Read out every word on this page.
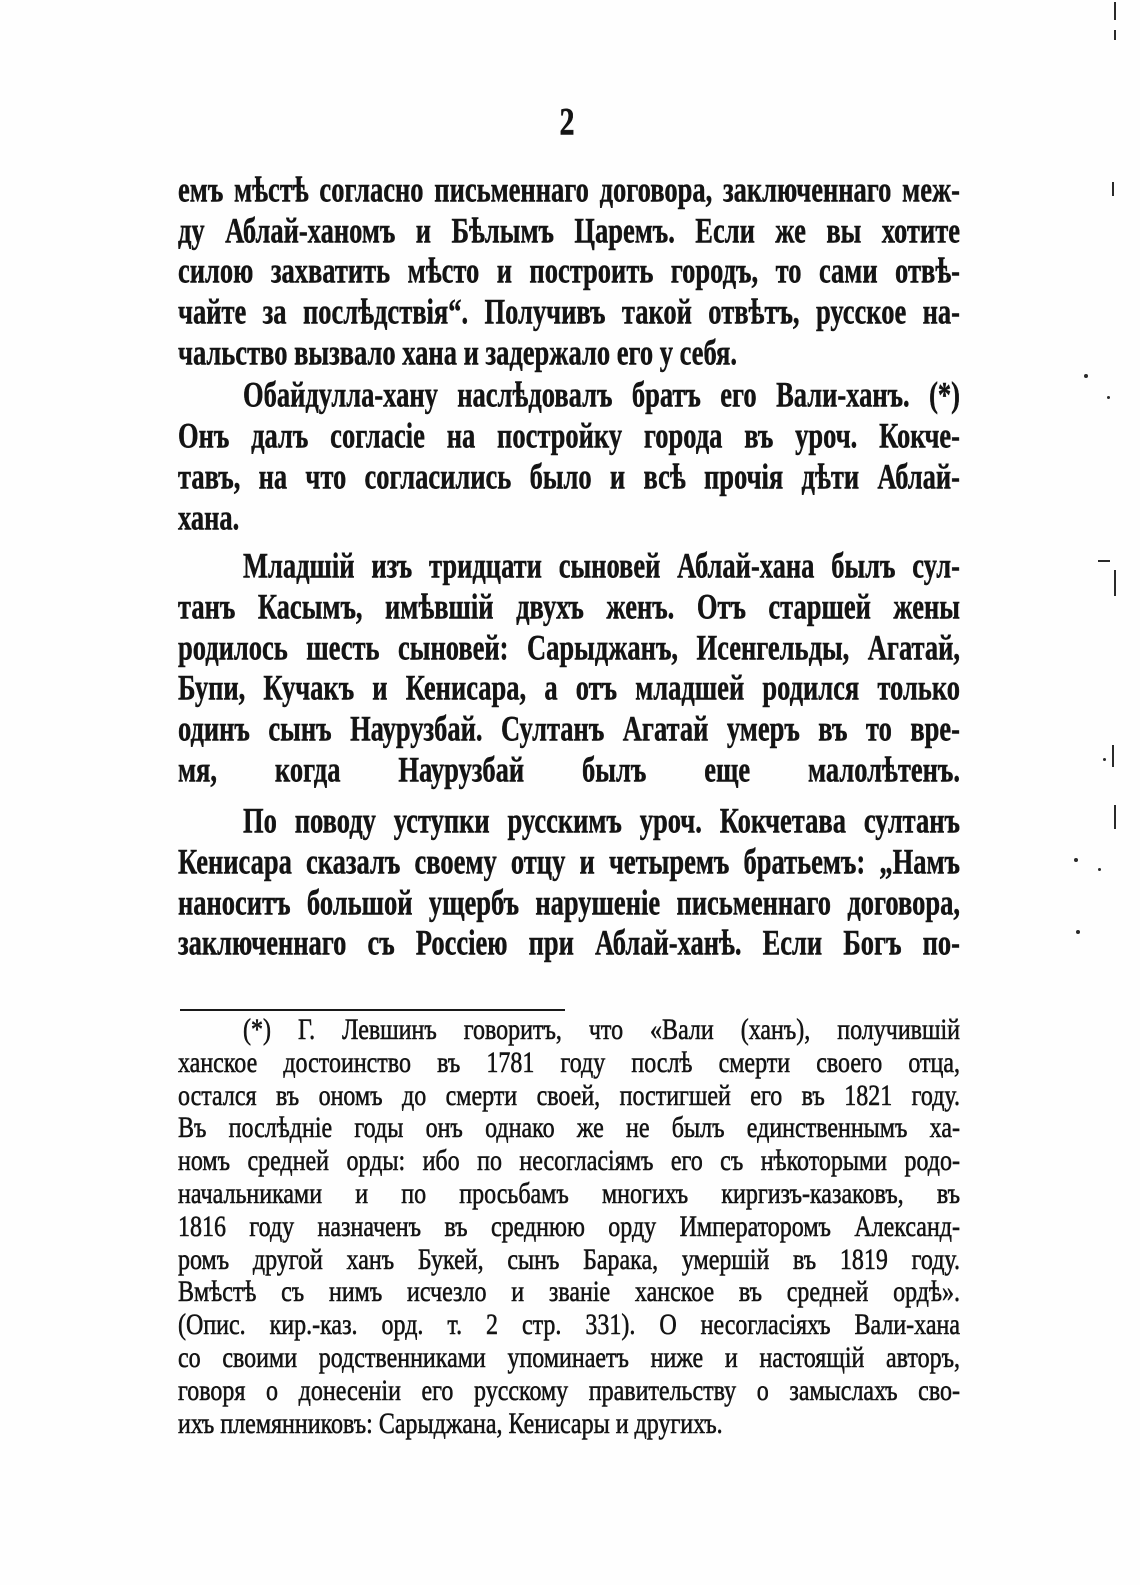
2
емъ мѣстѣ согласно письменнаго договора, заключеннаго меж-
ду Аблай-ханомъ и Бѣлымъ Царемъ. Если же вы хотите
силою захватить мѣсто и построить городъ, то сами отвѣ-
чайте за послѣдствія“. Получивъ такой отвѣтъ, русское на-
чальство вызвало хана и задержало его у себя.
Обайдулла-хану наслѣдовалъ братъ его Вали-ханъ. (*)
Онъ далъ согласіе на постройку города въ уроч. Кокче-
тавъ, на что согласились было и всѣ прочія дѣти Аблай-
хана.
Младшій изъ тридцати сыновей Аблай-хана былъ сул-
танъ Касымъ, имѣвшій двухъ женъ. Отъ старшей жены
родилось шесть сыновей: Сарыджанъ, Исенгельды, Агатай,
Бупи, Кучакъ и Кенисара, а отъ младшей родился только
одинъ сынъ Наурузбай. Султанъ Агатай умеръ въ то вре-
мя, когда Наурузбай былъ еще малолѣтенъ.
По поводу уступки русскимъ уроч. Кокчетава султанъ
Кенисара сказалъ своему отцу и четыремъ братьемъ: „Намъ
наноситъ большой ущербъ нарушеніе письменнаго договора,
заключеннаго съ Россіею при Аблай-ханѣ. Если Богъ по-
(*) Г. Левшинъ говоритъ, что «Вали (ханъ), получившій
ханское достоинство въ 1781 году послѣ смерти своего отца,
остался въ ономъ до смерти своей, постигшей его въ 1821 году.
Въ послѣдніе годы онъ однако же не былъ единственнымъ ха-
номъ средней орды: ибо по несогласіямъ его съ нѣкоторыми родо-
начальниками и по просьбамъ многихъ киргизъ-казаковъ, въ
1816 году назначенъ въ среднюю орду Императоромъ Александ-
ромъ другой ханъ Букей, сынъ Барака, умершій въ 1819 году.
Вмѣстѣ съ нимъ исчезло и званіе ханское въ средней ордѣ».
(Опис. кир.-каз. орд. т. 2 стр. 331). О несогласіяхъ Вали-хана
со своими родственниками упоминаетъ ниже и настоящій авторъ,
говоря о донесеніи его русскому правительству о замыслахъ сво-
ихъ племянниковъ: Сарыджана, Кенисары и другихъ.
